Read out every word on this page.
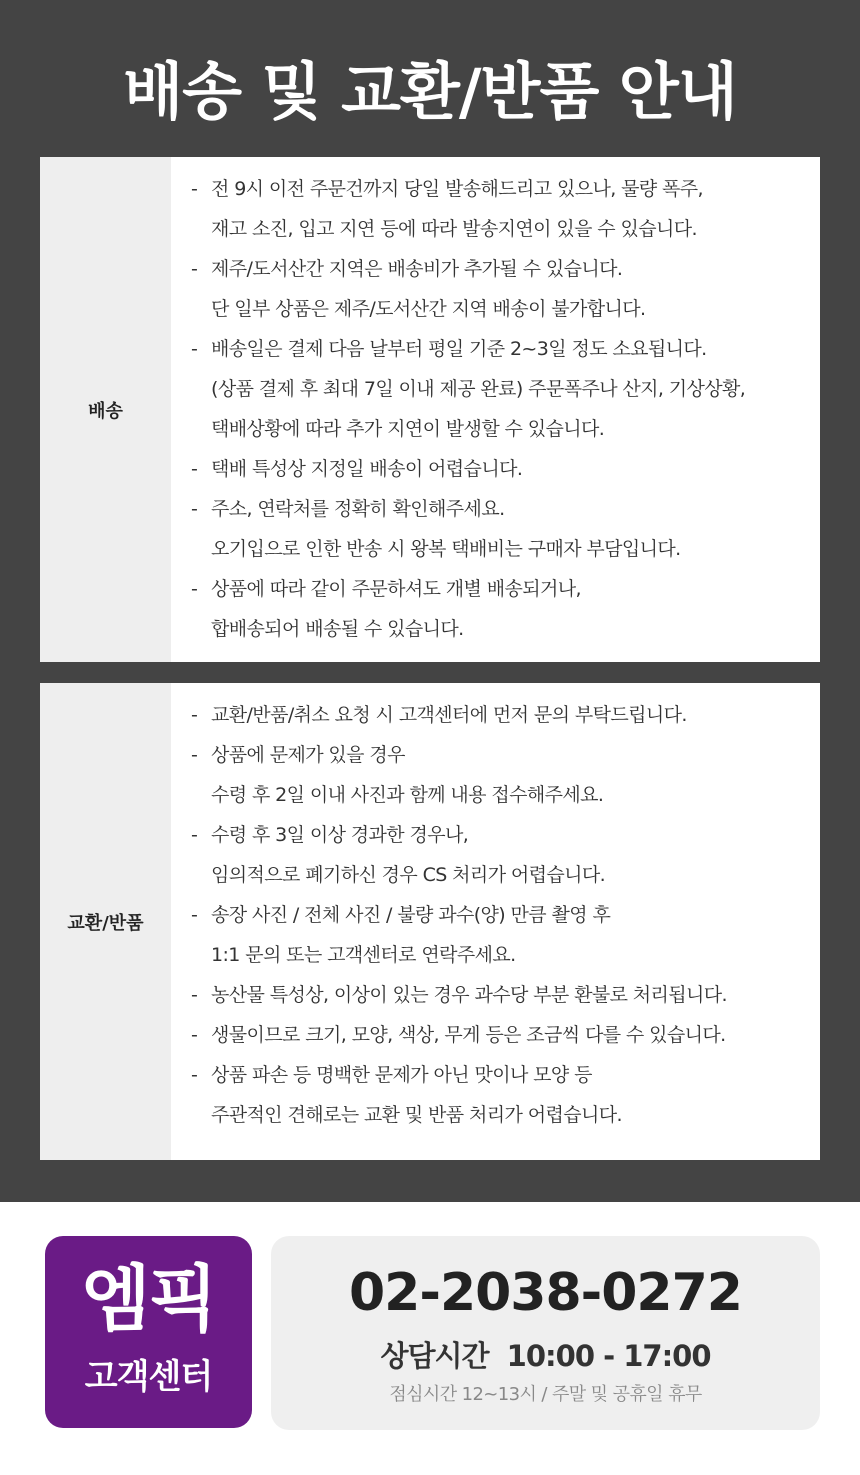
배송 및 교환/반품 안내
배송
- 전 9시 이전 주문건까지 당일 발송해드리고 있으나, 물량 폭주,
재고 소진, 입고 지연 등에 따라 발송지연이 있을 수 있습니다.
- 제주/도서산간 지역은 배송비가 추가될 수 있습니다.
단 일부 상품은 제주/도서산간 지역 배송이 불가합니다.
- 배송일은 결제 다음 날부터 평일 기준 2~3일 정도 소요됩니다.
(상품 결제 후 최대 7일 이내 제공 완료) 주문폭주나 산지, 기상상황,
택배상황에 따라 추가 지연이 발생할 수 있습니다.
- 택배 특성상 지정일 배송이 어렵습니다.
- 주소, 연락처를 정확히 확인해주세요.
오기입으로 인한 반송 시 왕복 택배비는 구매자 부담입니다.
- 상품에 따라 같이 주문하셔도 개별 배송되거나,
합배송되어 배송될 수 있습니다.
교환/반품
- 교환/반품/취소 요청 시 고객센터에 먼저 문의 부탁드립니다.
- 상품에 문제가 있을 경우
수령 후 2일 이내 사진과 함께 내용 접수해주세요.
- 수령 후 3일 이상 경과한 경우나,
임의적으로 폐기하신 경우 CS 처리가 어렵습니다.
- 송장 사진 / 전체 사진 / 불량 과수(양) 만큼 촬영 후
1:1 문의 또는 고객센터로 연락주세요.
- 농산물 특성상, 이상이 있는 경우 과수당 부분 환불로 처리됩니다.
- 생물이므로 크기, 모양, 색상, 무게 등은 조금씩 다를 수 있습니다.
- 상품 파손 등 명백한 문제가 아닌 맛이나 모양 등
주관적인 견해로는 교환 및 반품 처리가 어렵습니다.
엠픽
고객센터
02-2038-0272
상담시간  10:00 - 17:00
점심시간 12~13시 / 주말 및 공휴일 휴무
